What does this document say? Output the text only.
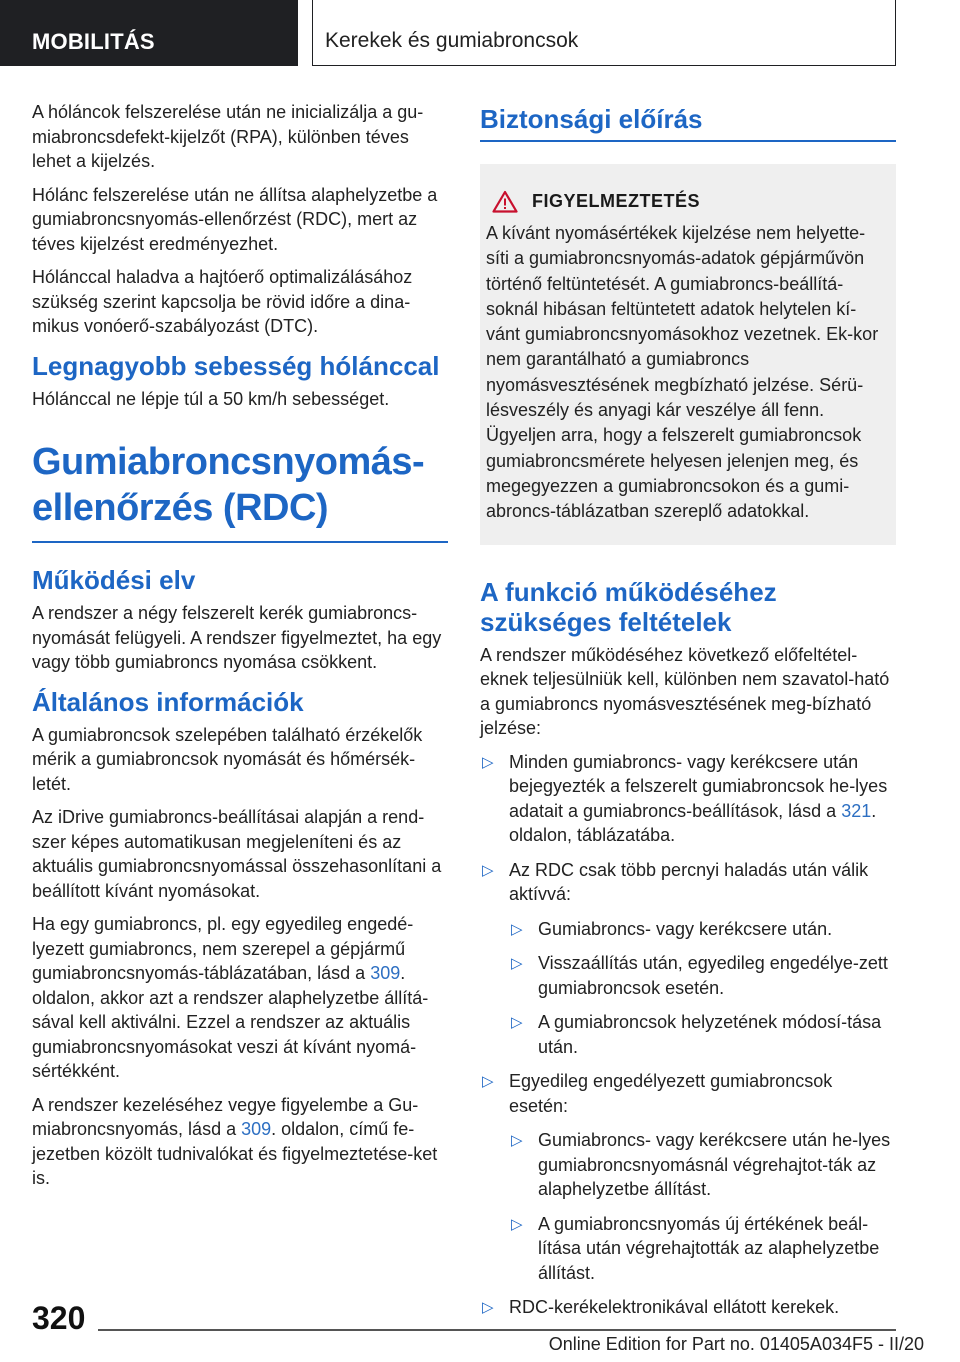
MOBILITÁS	Kerekek és gumiabroncsok

A hóláncok felszerelése után ne inicializálja a gu-miabroncsdefekt-kijelzőt (RPA), különben téves lehet a kijelzés.

Hólánc felszerelése után ne állítsa alaphelyzetbe a gumiabroncsnyomás-ellenőrzést (RDC), mert az téves kijelzést eredményezhet.

Hólánccal haladva a hajtóerő optimalizálásához szükség szerint kapcsolja be rövid időre a dina-mikus vonóerő-szabályozást (DTC).

Legnagyobb sebesség hólánccal

Hólánccal ne lépje túl a 50 km/h sebességet.

Gumiabroncsnyomás-ellenőrzés (RDC)
Működési elv

A rendszer a négy felszerelt kerék gumiabroncs-nyomását felügyeli. A rendszer figyelmeztet, ha egy vagy több gumiabroncs nyomása csökkent.

Általános információk

A gumiabroncsok szelepében található érzékelők mérik a gumiabroncsok nyomását és hőmérsék-letét.

Az iDrive gumiabroncs-beállításai alapján a rend-szer képes automatikusan megjeleníteni és az aktuális gumiabroncsnyomással összehasonlítani a beállított kívánt nyomásokat.

Ha egy gumiabroncs, pl. egy egyedileg engedé-lyezett gumiabroncs, nem szerepel a gépjármű gumiabroncsnyomás-táblázatában, lásd a 309. oldalon, akkor azt a rendszer alaphelyzetbe állítá-sával kell aktiválni. Ezzel a rendszer az aktuális gumiabroncsnyomásokat veszi át kívánt nyomá-sértékként.

A rendszer kezeléséhez vegye figyelembe a Gu-miabroncsnyomás, lásd a 309. oldalon, című fe-jezetben közölt tudnivalókat és figyelmeztetése-ket is.

Biztonsági előírás
FIGYELMEZTETÉS
A kívánt nyomásértékek kijelzése nem helyette-síti a gumiabroncsnyomás-adatok gépjárművön történő feltüntetését. A gumiabroncs-beállítá-soknál hibásan feltüntetett adatok helytelen kí-vánt gumiabroncsnyomásokhoz vezetnek. Ek-kor nem garantálható a gumiabroncs nyomásvesztésének megbízható jelzése. Sérü-lésveszély és anyagi kár veszélye áll fenn. Ügyeljen arra, hogy a felszerelt gumiabroncsok gumiabroncsmérete helyesen jelenjen meg, és megegyezzen a gumiabroncsokon és a gumi-abroncs-táblázatban szereplő adatokkal.
A funkció működéséhez szükséges feltételek

A rendszer működéséhez következő előfeltétel-eknek teljesülniük kell, különben nem szavatol-ható a gumiabroncs nyomásvesztésének meg-bízható jelzése:

▷ Minden gumiabroncs- vagy kerékcsere után bejegyezték a felszerelt gumiabroncsok he-lyes adatait a gumiabroncs-beállítások, lásd a 321. oldalon, táblázatába.
▷ Az RDC csak több percnyi haladás után válik aktívvá:
▷ Gumiabroncs- vagy kerékcsere után.
▷ Visszaállítás után, egyedileg engedélye-zett gumiabroncsok esetén.
▷ A gumiabroncsok helyzetének módosí-tása után.
▷ Egyedileg engedélyezett gumiabroncsok esetén:
▷ Gumiabroncs- vagy kerékcsere után he-lyes gumiabroncsnyomásnál végrehajtot-ták az alaphelyzetbe állítást.
▷ A gumiabroncsnyomás új értékének beál-lítása után végrehajtották az alaphelyzetbe állítást.
▷ RDC-kerékelektronikával ellátott kerekek.
320
Online Edition for Part no. 01405A034F5 - II/20
